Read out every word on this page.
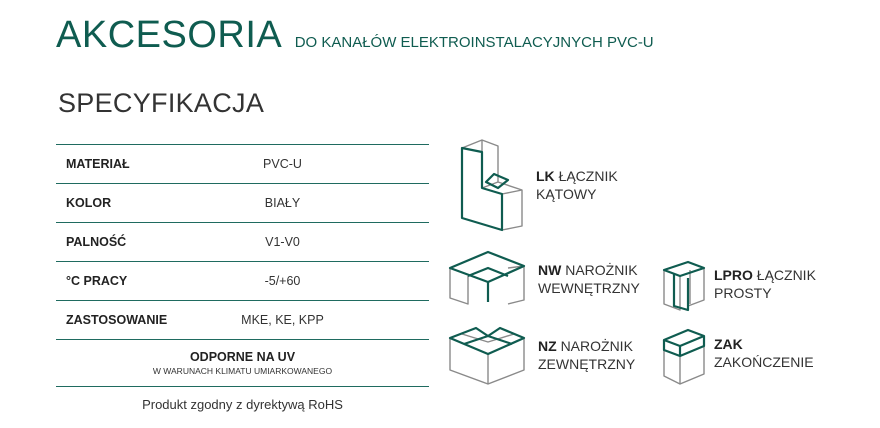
AKCESORIA DO KANAŁÓW ELEKTROINSTALACYJNYCH PVC-U
SPECYFIKACJA
MATERIAŁ	PVC-U
KOLOR	BIAŁY
PALNOŚĆ	V1-V0
°C PRACY	-5/+60
ZASTOSOWANIE	MKE, KE, KPP
ODPORNE NA UV
W WARUNACH KLIMATU UMIARKOWANEGO
Produkt zgodny z dyrektywą RoHS
LK ŁĄCZNIK
KĄTOWY
NW NAROŻNIK
WEWNĘTRZNY
NZ NAROŻNIK
ZEWNĘTRZNY
LPRO ŁĄCZNIK
PROSTY
ZAK
ZAKOŃCZENIE
